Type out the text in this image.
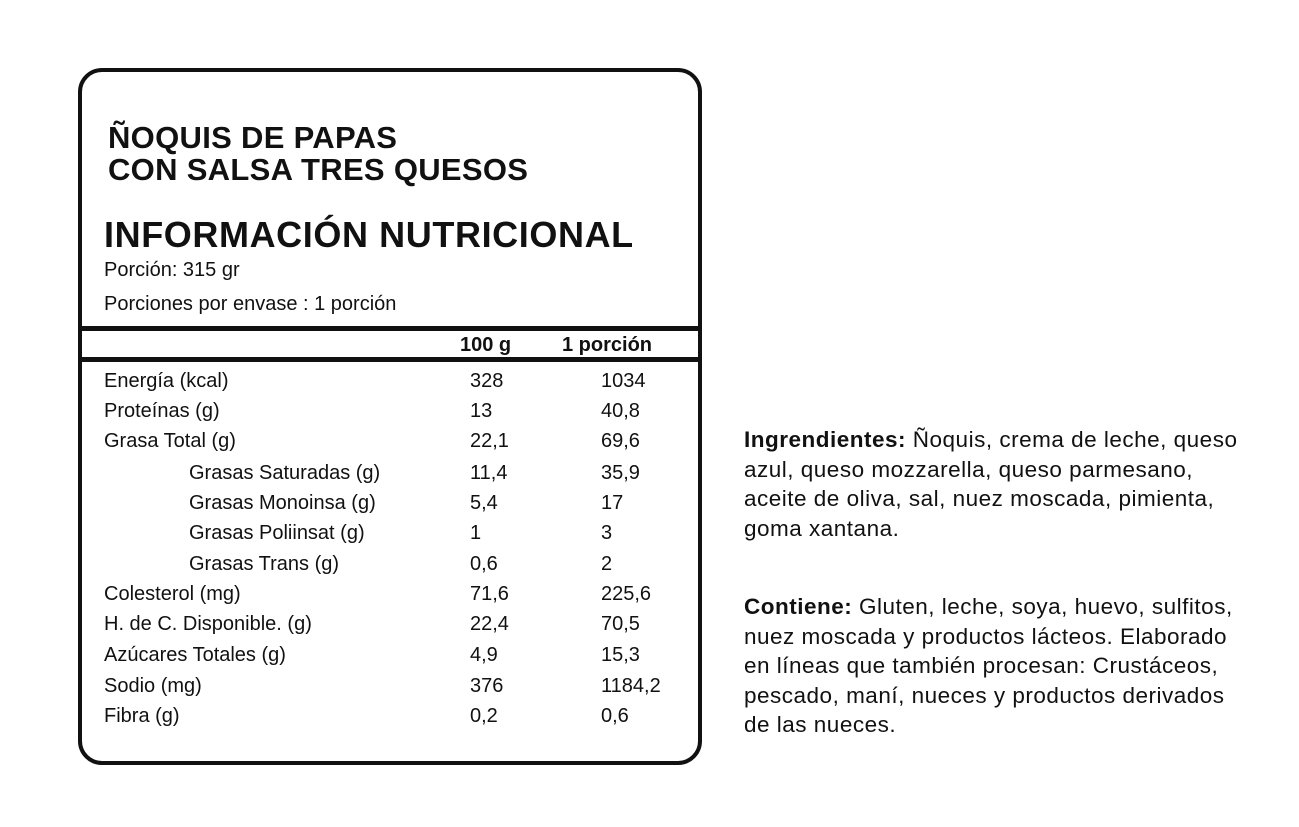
ÑOQUIS DE PAPAS
CON SALSA TRES QUESOS
INFORMACIÓN NUTRICIONAL
Porción: 315 gr
Porciones por envase : 1 porción
100 g	1 porción
Energía (kcal)	328	1034
Proteínas (g)	13	40,8
Grasa Total (g)	22,1	69,6
Grasas Saturadas (g)	11,4	35,9
Grasas Monoinsa (g)	5,4	17
Grasas Poliinsat (g)	1	3
Grasas Trans (g)	0,6	2
Colesterol (mg)	71,6	225,6
H. de C. Disponible. (g)	22,4	70,5
Azúcares Totales (g)	4,9	15,3
Sodio (mg)	376	1184,2
Fibra (g)	0,2	0,6

Ingrendientes: Ñoquis, crema de leche, queso azul, queso mozzarella, queso parmesano, aceite de oliva, sal, nuez moscada, pimienta, goma xantana.

Contiene: Gluten, leche, soya, huevo, sulfitos, nuez moscada y productos lácteos. Elaborado en líneas que también procesan: Crustáceos, pescado, maní, nueces y productos derivados de las nueces.
